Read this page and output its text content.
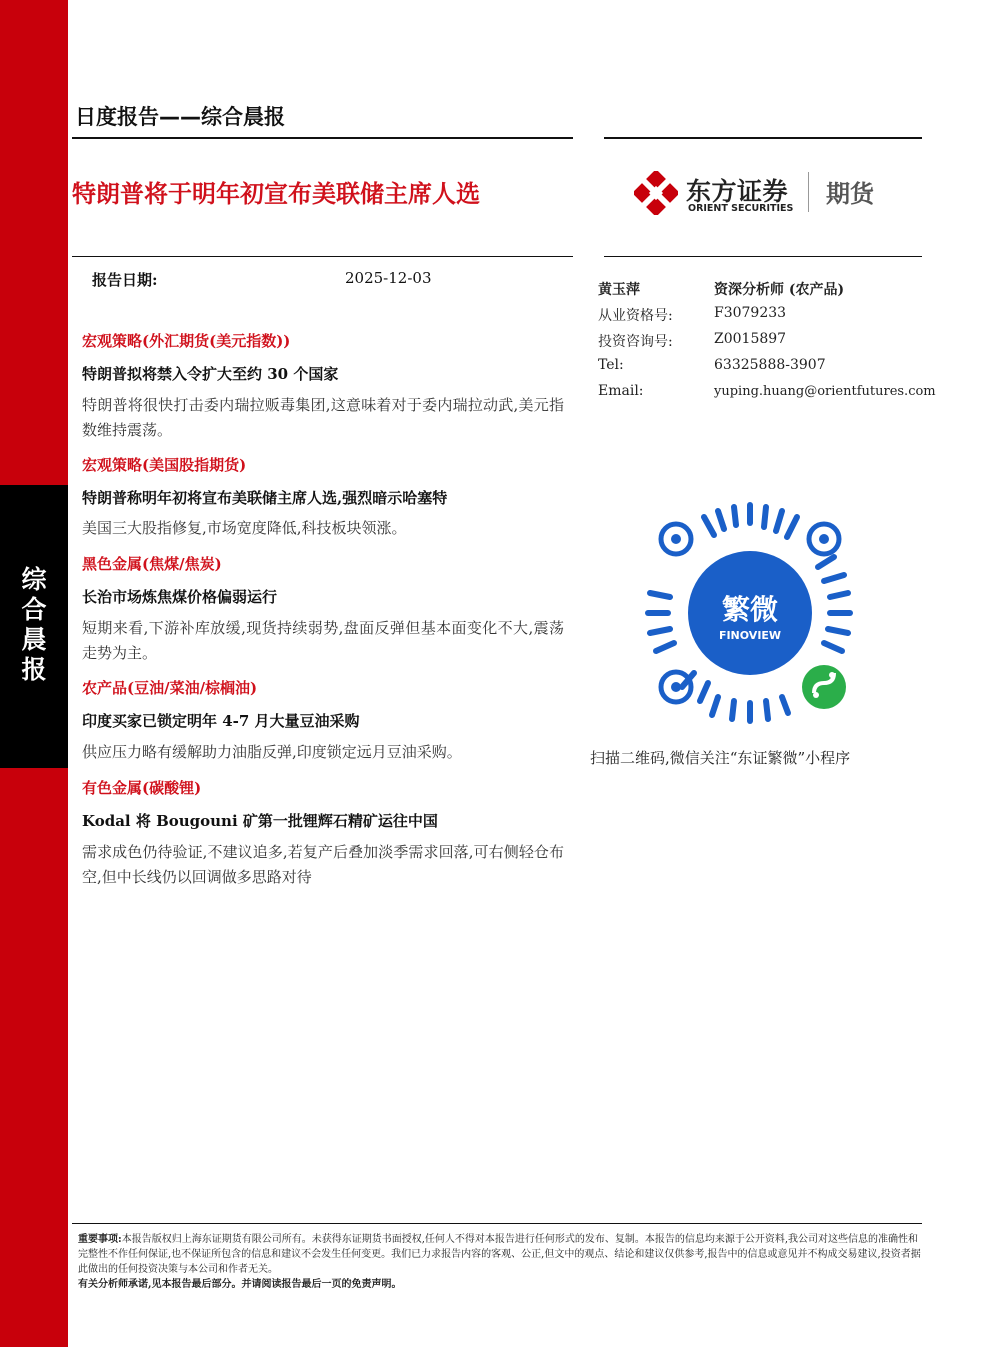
综合晨报
日度报告——综合晨报
特朗普将于明年初宣布美联储主席人选	东方证券
ORIENT SECURITIES
期货
报告日期:	2025-12-03
黄玉萍	资深分析师 (农产品)
从业资格号:	F3079233
投资咨询号:	Z0015897
Tel:	63325888-3907
Email:	yuping.huang@orientfutures.com
繁微
FINOVIEW
扫描二维码,微信关注“东证繁微”小程序
宏观策略(外汇期货(美元指数))
特朗普拟将禁入令扩大至约 30 个国家
特朗普将很快打击委内瑞拉贩毒集团,这意味着对于委内瑞拉动武,美元指数维持震荡。
宏观策略(美国股指期货)
特朗普称明年初将宣布美联储主席人选,强烈暗示哈塞特
美国三大股指修复,市场宽度降低,科技板块领涨。
黑色金属(焦煤/焦炭)
长治市场炼焦煤价格偏弱运行
短期来看,下游补库放缓,现货持续弱势,盘面反弹但基本面变化不大,震荡走势为主。
农产品(豆油/菜油/棕榈油)
印度买家已锁定明年 4-7 月大量豆油采购
供应压力略有缓解助力油脂反弹,印度锁定远月豆油采购。
有色金属(碳酸锂)
Kodal 将 Bougouni 矿第一批锂辉石精矿运往中国
需求成色仍待验证,不建议追多,若复产后叠加淡季需求回落,可右侧轻仓布空,但中长线仍以回调做多思路对待
重要事项:本报告版权归上海东证期货有限公司所有。未获得东证期货书面授权,任何人不得对本报告进行任何形式的发布、复制。本报告的信息均来源于公开资料,我公司对这些信息的准确性和完整性不作任何保证,也不保证所包含的信息和建议不会发生任何变更。我们已力求报告内容的客观、公正,但文中的观点、结论和建议仅供参考,报告中的信息或意见并不构成交易建议,投资者据此做出的任何投资决策与本公司和作者无关。
有关分析师承诺,见本报告最后部分。并请阅读报告最后一页的免责声明。
